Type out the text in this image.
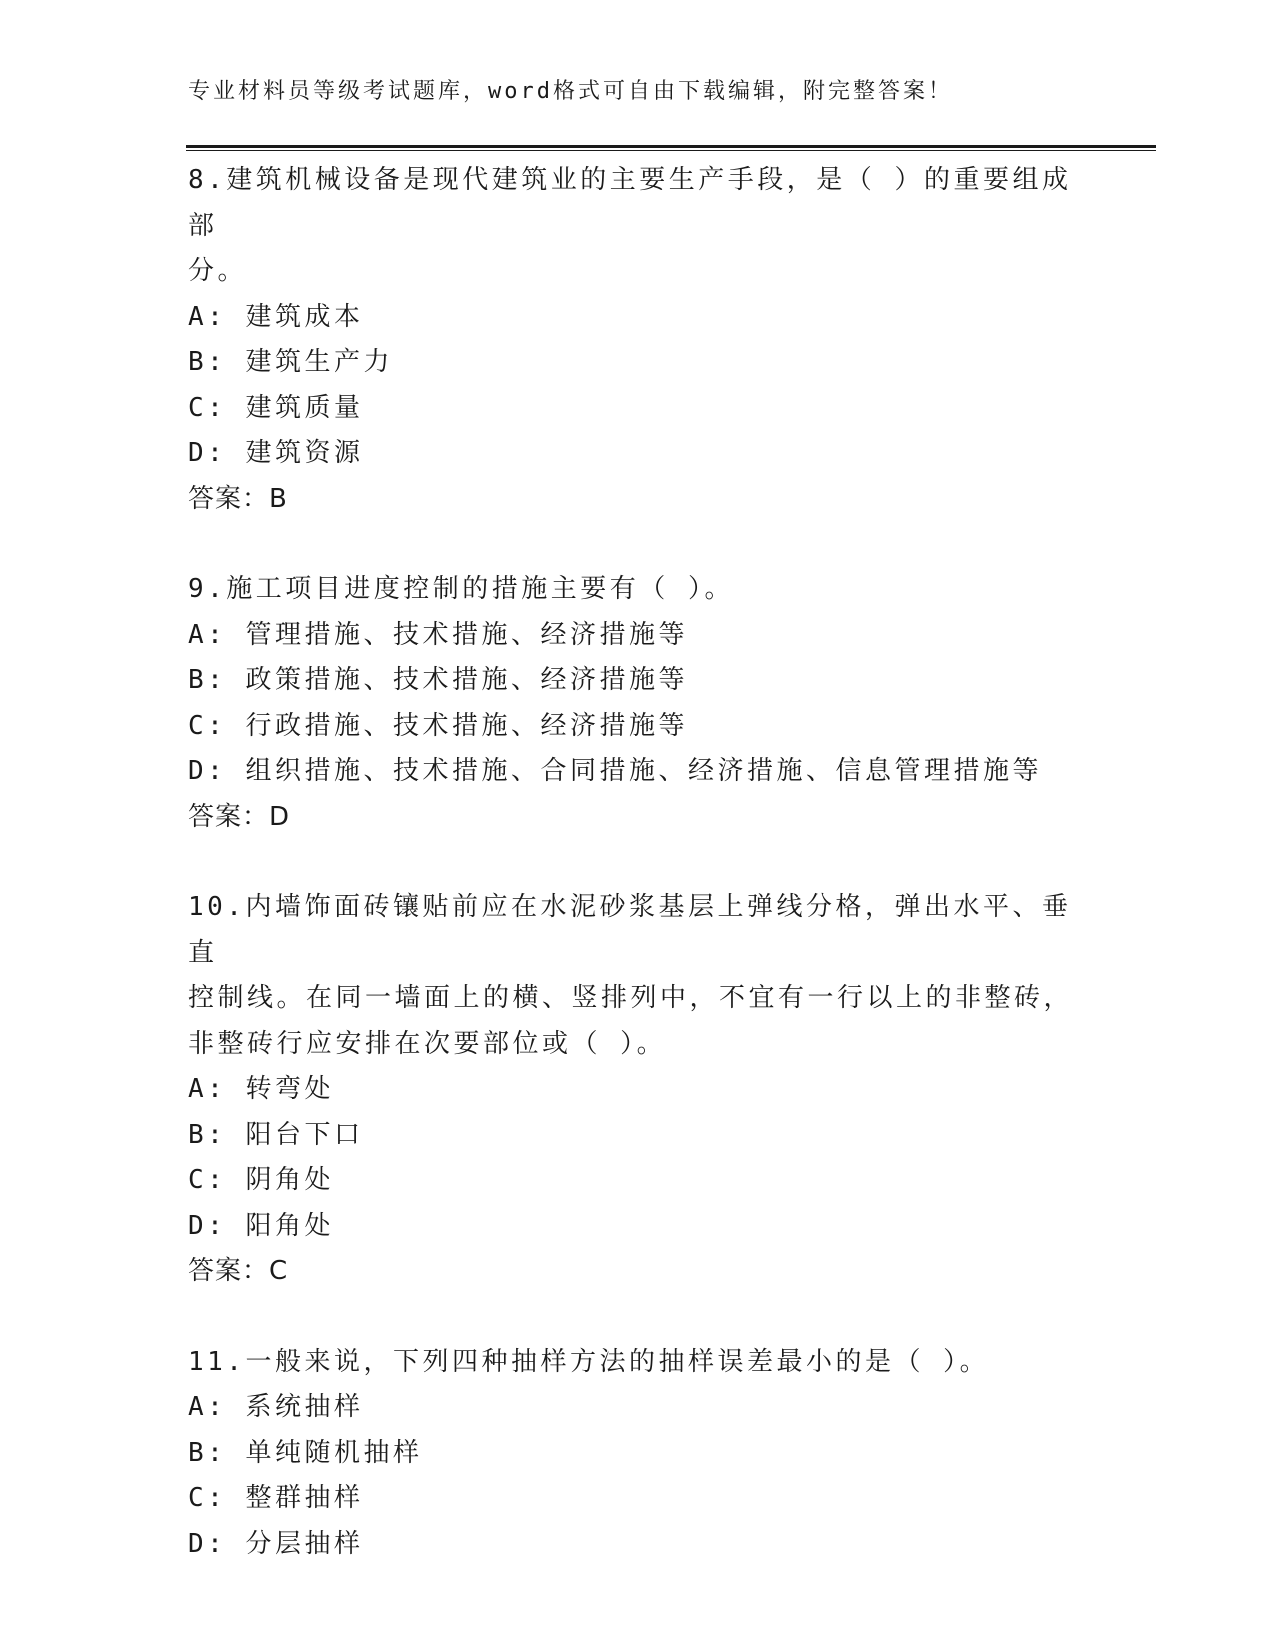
专业材料员等级考试题库，word格式可自由下载编辑，附完整答案！
8.建筑机械设备是现代建筑业的主要生产手段，是（ ）的重要组成部
分。
A: 建筑成本
B: 建筑生产力
C: 建筑质量
D: 建筑资源
答案：B
9.施工项目进度控制的措施主要有（ ）。
A: 管理措施、技术措施、经济措施等
B: 政策措施、技术措施、经济措施等
C: 行政措施、技术措施、经济措施等
D: 组织措施、技术措施、合同措施、经济措施、信息管理措施等
答案：D
10.内墙饰面砖镶贴前应在水泥砂浆基层上弹线分格，弹出水平、垂直
控制线。在同一墙面上的横、竖排列中，不宜有一行以上的非整砖，
非整砖行应安排在次要部位或（ ）。
A: 转弯处
B: 阳台下口
C: 阴角处
D: 阳角处
答案：C
11.一般来说，下列四种抽样方法的抽样误差最小的是（ ）。
A: 系统抽样
B: 单纯随机抽样
C: 整群抽样
D: 分层抽样
